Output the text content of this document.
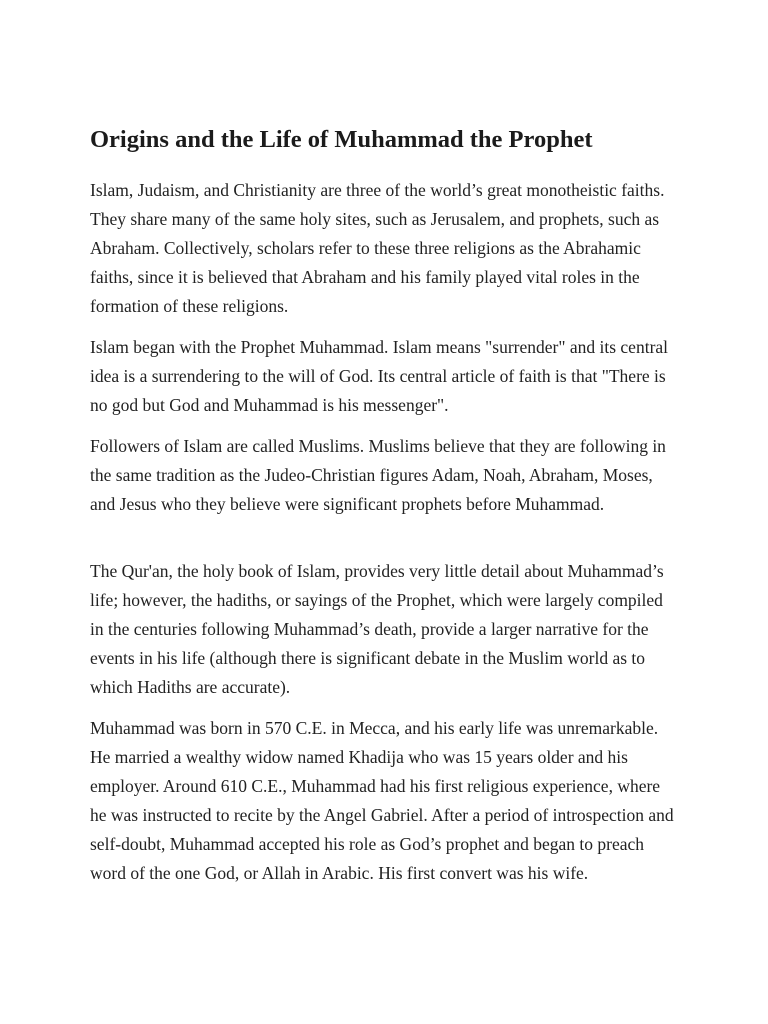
Origins and the Life of Muhammad the Prophet

Islam, Judaism, and Christianity are three of the world’s great monotheistic faiths. They share many of the same holy sites, such as Jerusalem, and prophets, such as Abraham. Collectively, scholars refer to these three religions as the Abrahamic faiths, since it is believed that Abraham and his family played vital roles in the formation of these religions.

Islam began with the Prophet Muhammad. Islam means "surrender" and its central idea is a surrendering to the will of God. Its central article of faith is that "There is no god but God and Muhammad is his messenger".

Followers of Islam are called Muslims. Muslims believe that they are following in the same tradition as the Judeo-Christian figures Adam, Noah, Abraham, Moses, and Jesus who they believe were significant prophets before Muhammad.

The Qur'an, the holy book of Islam, provides very little detail about Muhammad’s life; however, the hadiths, or sayings of the Prophet, which were largely compiled in the centuries following Muhammad’s death, provide a larger narrative for the events in his life (although there is significant debate in the Muslim world as to which Hadiths are accurate).

Muhammad was born in 570 C.E. in Mecca, and his early life was unremarkable. He married a wealthy widow named Khadija who was 15 years older and his employer. Around 610 C.E., Muhammad had his first religious experience, where he was instructed to recite by the Angel Gabriel. After a period of introspection and self-doubt, Muhammad accepted his role as God’s prophet and began to preach word of the one God, or Allah in Arabic. His first convert was his wife.
